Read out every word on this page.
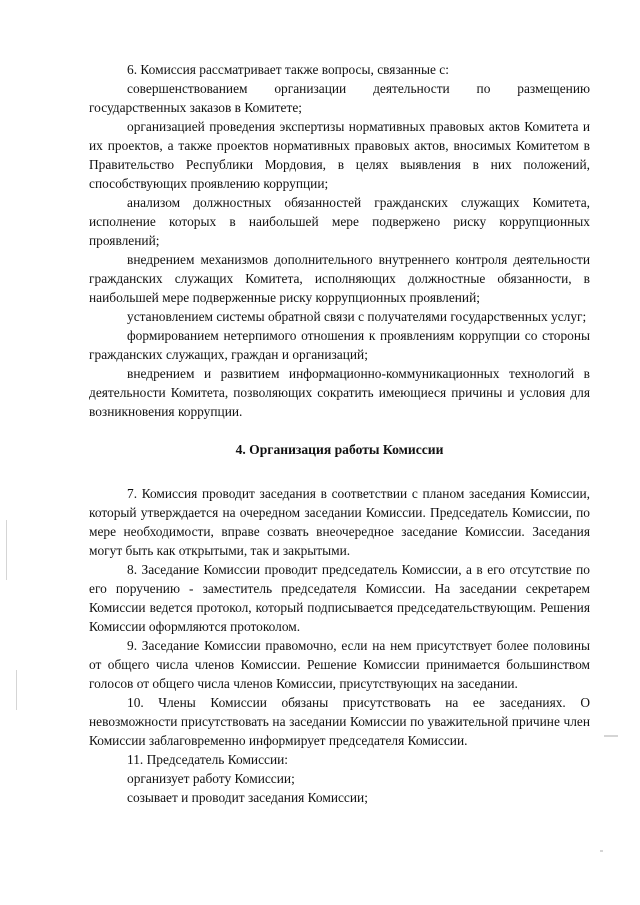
6. Комиссия рассматривает также вопросы, связанные с:

совершенствованием организации деятельности по размещению государственных заказов в Комитете;

организацией проведения экспертизы нормативных правовых актов Комитета и их проектов, а также проектов нормативных правовых актов, вносимых Комитетом в Правительство Республики Мордовия, в целях выявления в них положений, способствующих проявлению коррупции;

анализом должностных обязанностей гражданских служащих Комитета, исполнение которых в наибольшей мере подвержено риску коррупционных проявлений;

внедрением механизмов дополнительного внутреннего контроля деятельности гражданских служащих Комитета, исполняющих должностные обязанности, в наибольшей мере подверженные риску коррупционных проявлений;

установлением системы обратной связи с получателями государственных услуг;

формированием нетерпимого отношения к проявлениям коррупции со стороны гражданских служащих, граждан и организаций;

внедрением и развитием информационно-коммуникационных технологий в деятельности Комитета, позволяющих сократить имеющиеся причины и условия для возникновения коррупции.

4. Организация работы Комиссии

7. Комиссия проводит заседания в соответствии с планом заседания Комиссии, который утверждается на очередном заседании Комиссии. Председатель Комиссии, по мере необходимости, вправе созвать внеочередное заседание Комиссии. Заседания могут быть как открытыми, так и закрытыми.

8. Заседание Комиссии проводит председатель Комиссии, а в его отсутствие по его поручению - заместитель председателя Комиссии. На заседании секретарем Комиссии ведется протокол, который подписывается председательствующим. Решения Комиссии оформляются протоколом.

9. Заседание Комиссии правомочно, если на нем присутствует более половины от общего числа членов Комиссии. Решение Комиссии принимается большинством голосов от общего числа членов Комиссии, присутствующих на заседании.

10. Члены Комиссии обязаны присутствовать на ее заседаниях. О невозможности присутствовать на заседании Комиссии по уважительной причине член Комиссии заблаговременно информирует председателя Комиссии.

11. Председатель Комиссии:

организует работу Комиссии;

созывает и проводит заседания Комиссии;
